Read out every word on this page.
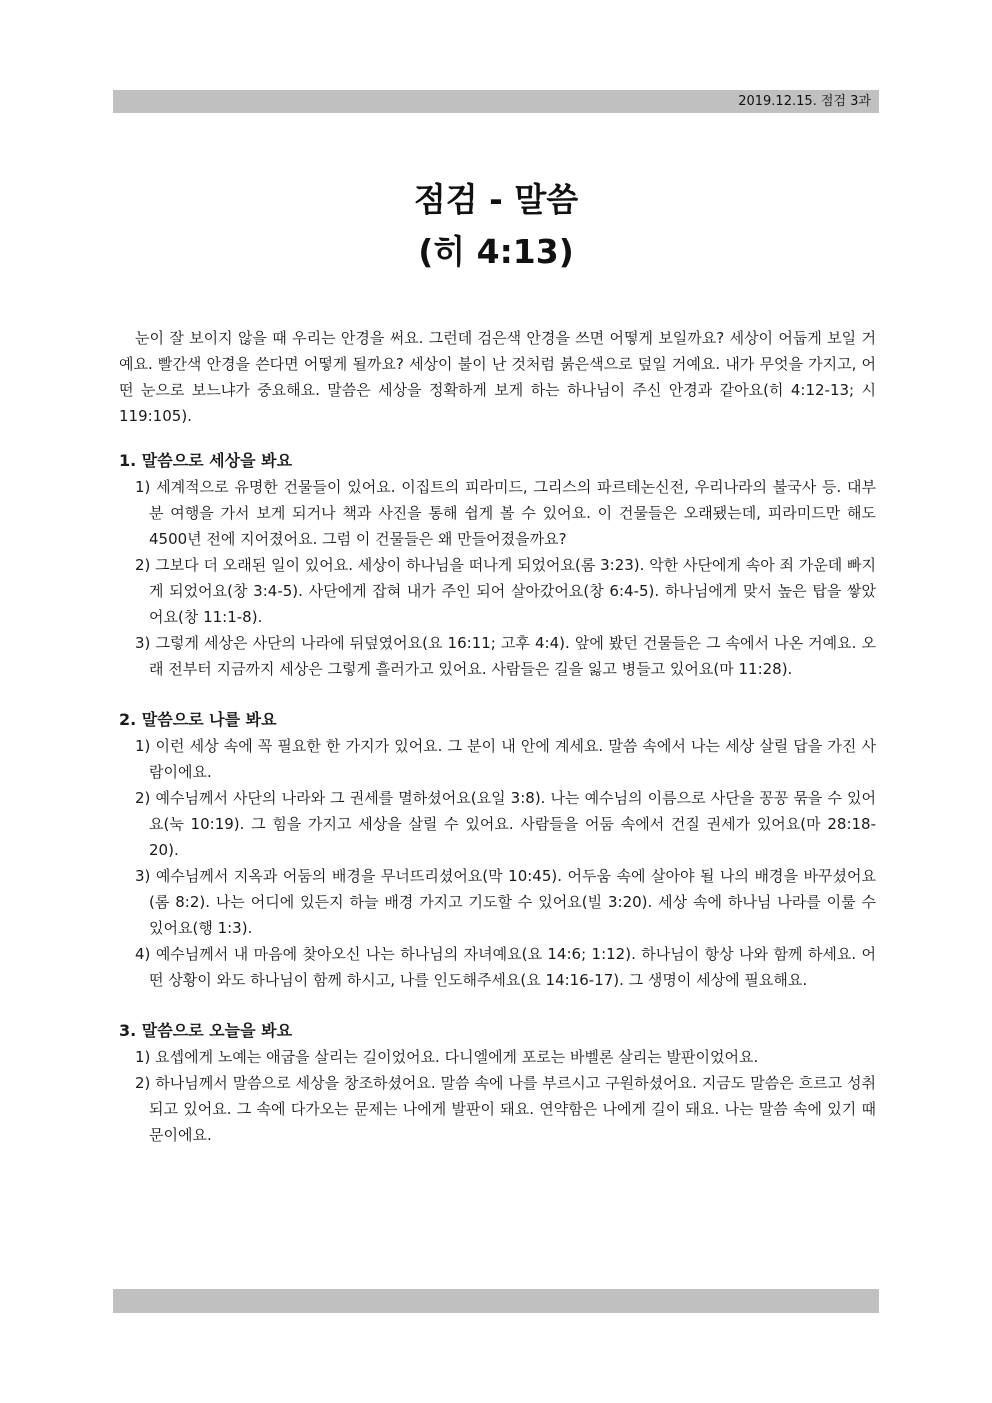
2019.12.15. 점검 3과
점검 - 말씀
(히 4:13)

눈이 잘 보이지 않을 때 우리는 안경을 써요. 그런데 검은색 안경을 쓰면 어떻게 보일까요? 세상이 어둡게 보일 거예요. 빨간색 안경을 쓴다면 어떻게 될까요? 세상이 불이 난 것처럼 붉은색으로 덮일 거예요. 내가 무엇을 가지고, 어떤 눈으로 보느냐가 중요해요. 말씀은 세상을 정확하게 보게 하는 하나님이 주신 안경과 같아요(히 4:12-13; 시 119:105).

1. 말씀으로 세상을 봐요

1) 세계적으로 유명한 건물들이 있어요. 이집트의 피라미드, 그리스의 파르테논신전, 우리나라의 불국사 등. 대부분 여행을 가서 보게 되거나 책과 사진을 통해 쉽게 볼 수 있어요. 이 건물들은 오래됐는데, 피라미드만 해도 4500년 전에 지어졌어요. 그럼 이 건물들은 왜 만들어졌을까요?
2) 그보다 더 오래된 일이 있어요. 세상이 하나님을 떠나게 되었어요(롬 3:23). 악한 사단에게 속아 죄 가운데 빠지게 되었어요(창 3:4-5). 사단에게 잡혀 내가 주인 되어 살아갔어요(창 6:4-5). 하나님에게 맞서 높은 탑을 쌓았어요(창 11:1-8).
3) 그렇게 세상은 사단의 나라에 뒤덮였어요(요 16:11; 고후 4:4). 앞에 봤던 건물들은 그 속에서 나온 거예요. 오래 전부터 지금까지 세상은 그렇게 흘러가고 있어요. 사람들은 길을 잃고 병들고 있어요(마 11:28).

2. 말씀으로 나를 봐요

1) 이런 세상 속에 꼭 필요한 한 가지가 있어요. 그 분이 내 안에 계세요. 말씀 속에서 나는 세상 살릴 답을 가진 사람이에요.
2) 예수님께서 사단의 나라와 그 권세를 멸하셨어요(요일 3:8). 나는 예수님의 이름으로 사단을 꽁꽁 묶을 수 있어요(눅 10:19). 그 힘을 가지고 세상을 살릴 수 있어요. 사람들을 어둠 속에서 건질 권세가 있어요(마 28:18-20).
3) 예수님께서 지옥과 어둠의 배경을 무너뜨리셨어요(막 10:45). 어두움 속에 살아야 될 나의 배경을 바꾸셨어요(롬 8:2). 나는 어디에 있든지 하늘 배경 가지고 기도할 수 있어요(빌 3:20). 세상 속에 하나님 나라를 이룰 수 있어요(행 1:3).
4) 예수님께서 내 마음에 찾아오신 나는 하나님의 자녀예요(요 14:6; 1:12). 하나님이 항상 나와 함께 하세요. 어떤 상황이 와도 하나님이 함께 하시고, 나를 인도해주세요(요 14:16-17). 그 생명이 세상에 필요해요.

3. 말씀으로 오늘을 봐요

1) 요셉에게 노예는 애굽을 살리는 길이었어요. 다니엘에게 포로는 바벨론 살리는 발판이었어요.
2) 하나님께서 말씀으로 세상을 창조하셨어요. 말씀 속에 나를 부르시고 구원하셨어요. 지금도 말씀은 흐르고 성취되고 있어요. 그 속에 다가오는 문제는 나에게 발판이 돼요. 연약함은 나에게 길이 돼요. 나는 말씀 속에 있기 때문이에요.
